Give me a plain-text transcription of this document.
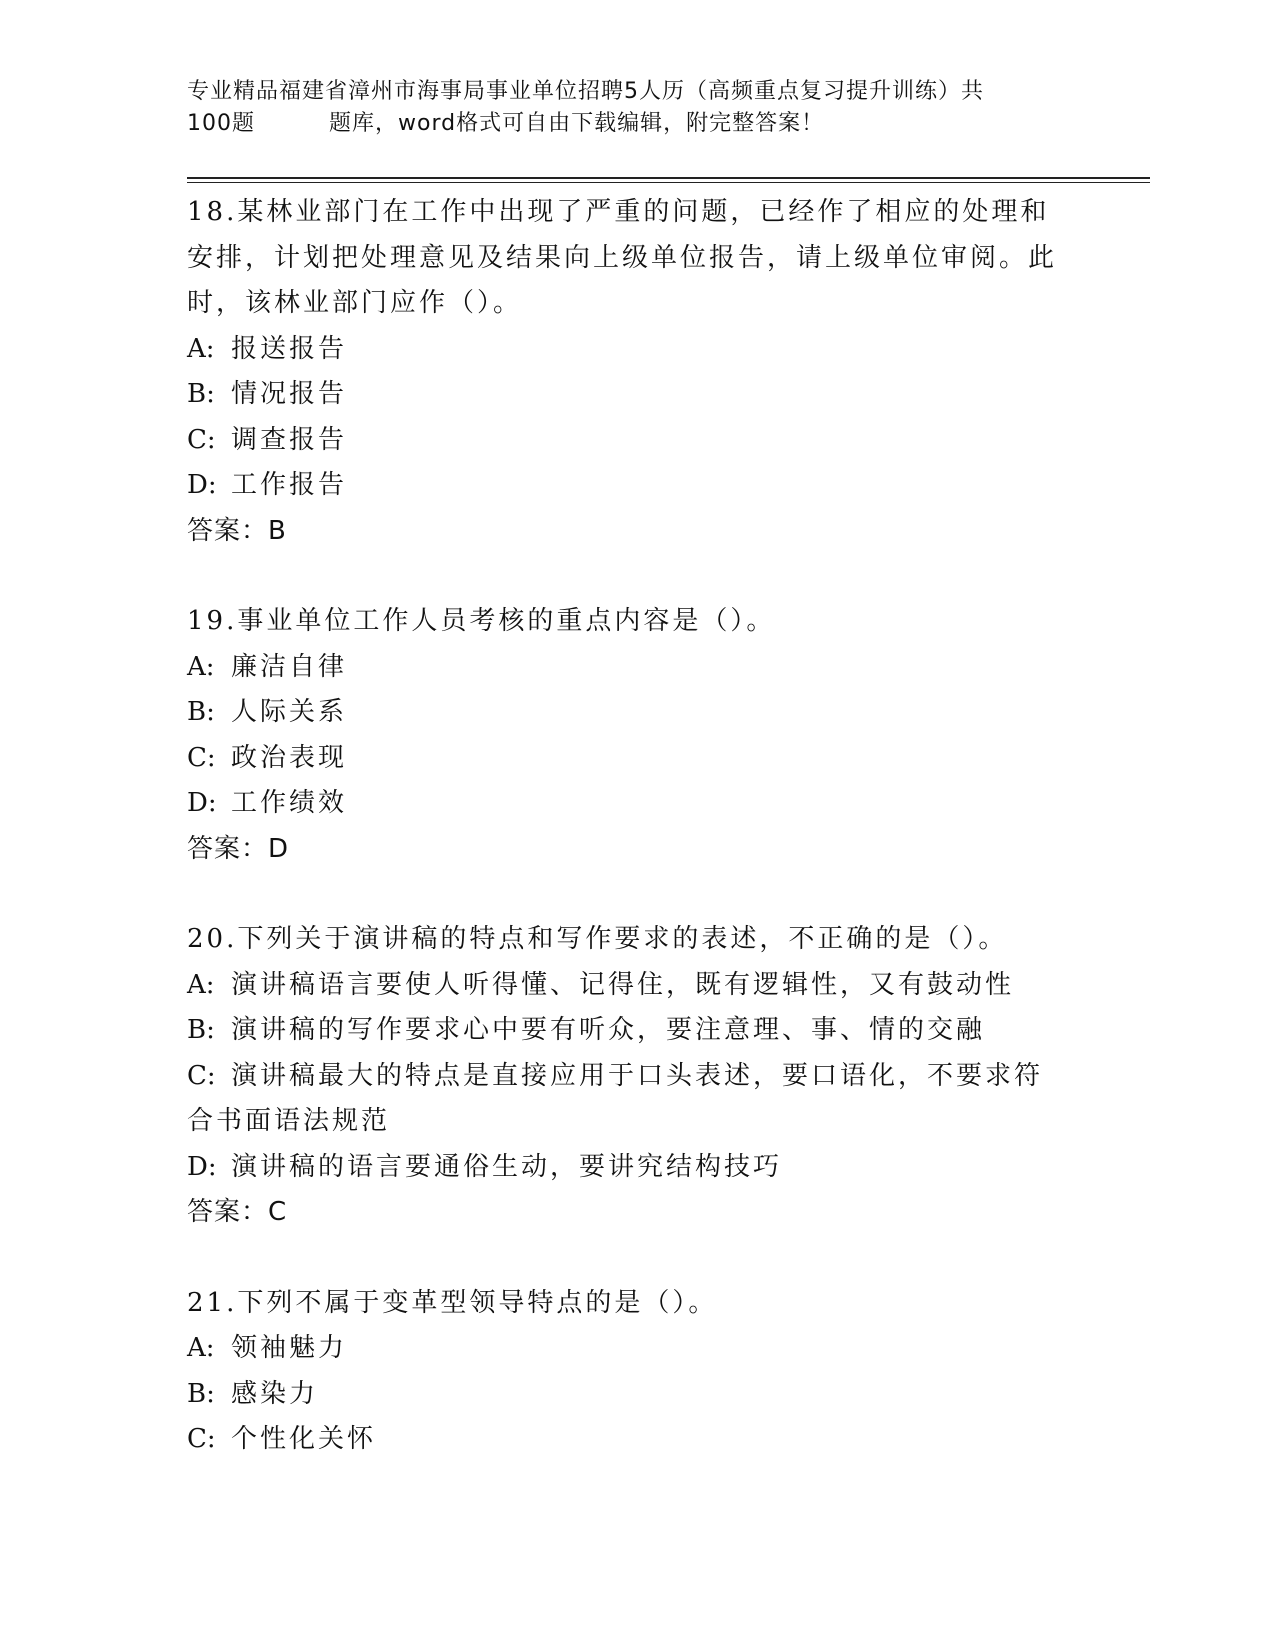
专业精品福建省漳州市海事局事业单位招聘5人历（高频重点复习提升训练）共
100题	题库，word格式可自由下载编辑，附完整答案！
18.某林业部门在工作中出现了严重的问题，已经作了相应的处理和安排，计划把处理意见及结果向上级单位报告，请上级单位审阅。此时，该林业部门应作（）。
A: 报送报告
B: 情况报告
C: 调查报告
D: 工作报告
答案：B
19.事业单位工作人员考核的重点内容是（）。
A: 廉洁自律
B: 人际关系
C: 政治表现
D: 工作绩效
答案：D
20.下列关于演讲稿的特点和写作要求的表述，不正确的是（）。
A: 演讲稿语言要使人听得懂、记得住，既有逻辑性，又有鼓动性
B: 演讲稿的写作要求心中要有听众，要注意理、事、情的交融
C: 演讲稿最大的特点是直接应用于口头表述，要口语化，不要求符合书面语法规范
D: 演讲稿的语言要通俗生动，要讲究结构技巧
答案：C
21.下列不属于变革型领导特点的是（）。
A: 领袖魅力
B: 感染力
C: 个性化关怀
